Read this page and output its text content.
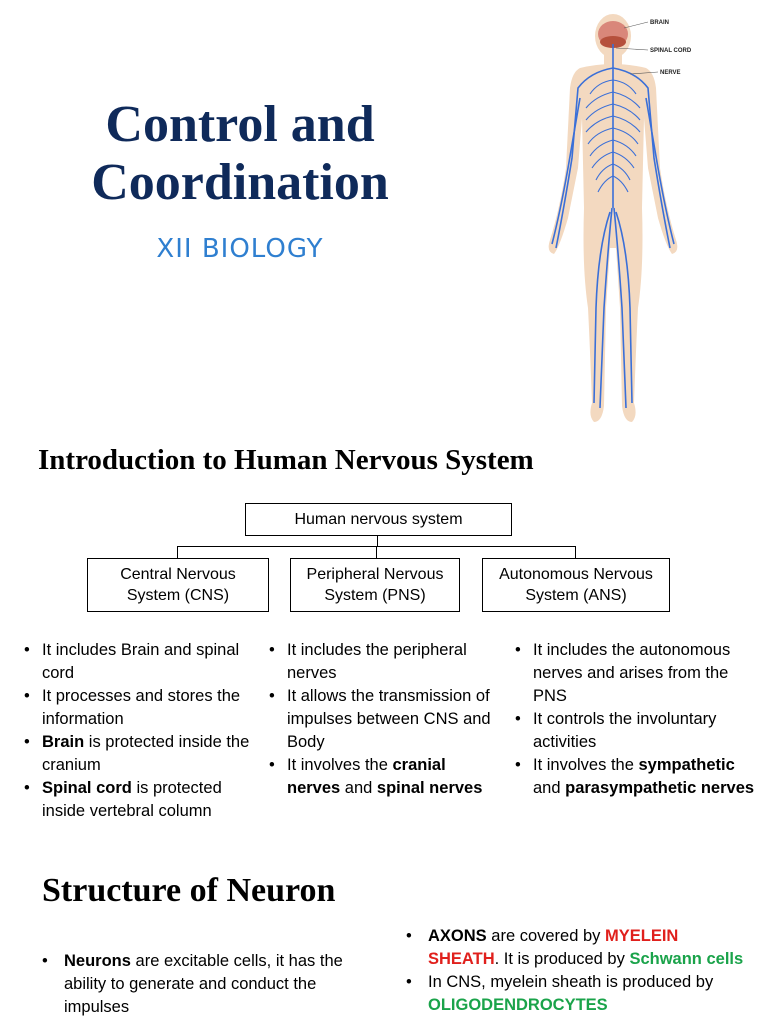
Control and
Coordination
XII BIOLOGY
BRAIN
SPINAL CORD
NERVE
Introduction to Human Nervous System
Human nervous system
Central Nervous
System (CNS)
Peripheral Nervous
System (PNS)
Autonomous Nervous
System (ANS)
• It includes Brain and spinal cord
• It processes and stores the information
• Brain is protected inside the cranium
• Spinal cord is protected inside vertebral column
• It includes the peripheral nerves
• It allows the transmission of impulses between CNS and Body
• It involves the cranial nerves and spinal nerves
• It includes the autonomous nerves and arises from the PNS
• It controls the involuntary activities
• It involves the sympathetic and parasympathetic nerves
Structure of Neuron
• Neurons are excitable cells, it has the ability to generate and conduct the impulses
• AXONS are covered by MYELEIN SHEATH. It is produced by Schwann cells
• In CNS, myelein sheath is produced by OLIGODENDROCYTES
